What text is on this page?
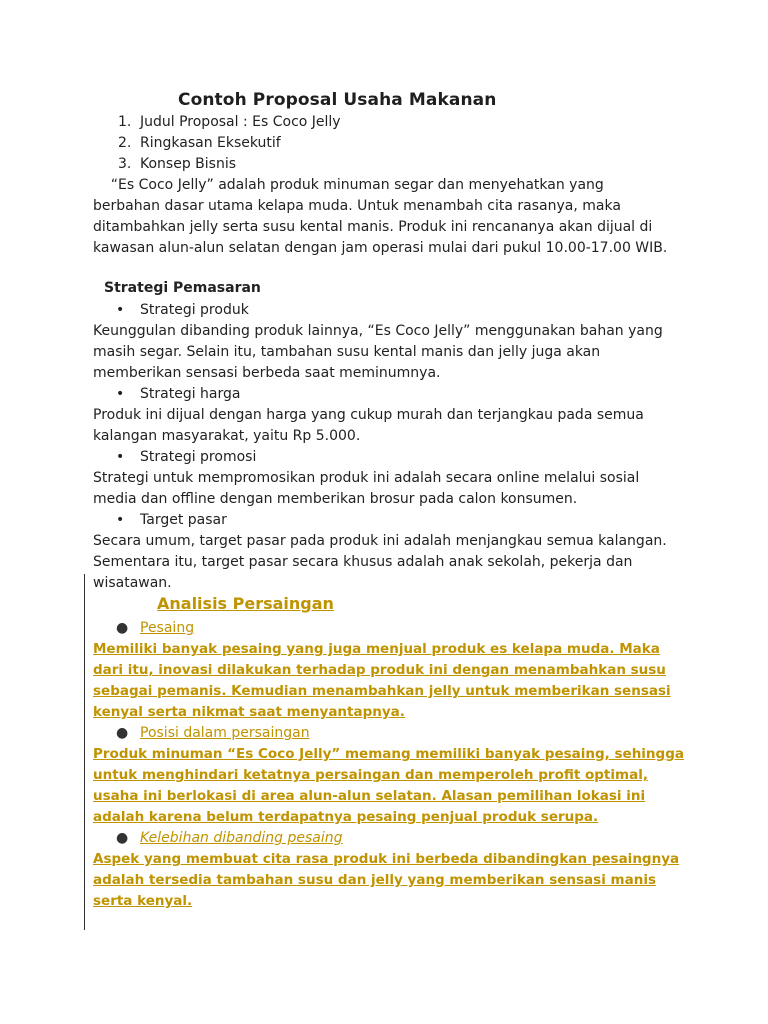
Contoh Proposal Usaha Makanan
1. Judul Proposal : Es Coco Jelly
2. Ringkasan Eksekutif
3. Konsep Bisnis
“Es Coco Jelly” adalah produk minuman segar dan menyehatkan yang berbahan dasar utama kelapa muda. Untuk menambah cita rasanya, maka ditambahkan jelly serta susu kental manis. Produk ini rencananya akan dijual di kawasan alun-alun selatan dengan jam operasi mulai dari pukul 10.00-17.00 WIB.
Strategi Pemasaran
• Strategi produk
Keunggulan dibanding produk lainnya, “Es Coco Jelly” menggunakan bahan yang masih segar. Selain itu, tambahan susu kental manis dan jelly juga akan memberikan sensasi berbeda saat meminumnya.
• Strategi harga
Produk ini dijual dengan harga yang cukup murah dan terjangkau pada semua kalangan masyarakat, yaitu Rp 5.000.
• Strategi promosi
Strategi untuk mempromosikan produk ini adalah secara online melalui sosial media dan offline dengan memberikan brosur pada calon konsumen.
• Target pasar
Secara umum, target pasar pada produk ini adalah menjangkau semua kalangan. Sementara itu, target pasar secara khusus adalah anak sekolah, pekerja dan wisatawan.
Analisis Persaingan
● Pesaing
Memiliki banyak pesaing yang juga menjual produk es kelapa muda. Maka
dari itu, inovasi dilakukan terhadap produk ini dengan menambahkan susu
sebagai pemanis. Kemudian menambahkan jelly untuk memberikan sensasi
kenyal serta nikmat saat menyantapnya.
● Posisi dalam persaingan
Produk minuman “Es Coco Jelly” memang memiliki banyak pesaing, sehingga
untuk menghindari ketatnya persaingan dan memperoleh profit optimal,
usaha ini berlokasi di area alun-alun selatan. Alasan pemilihan lokasi ini
adalah karena belum terdapatnya pesaing penjual produk serupa.
● Kelebihan dibanding pesaing
Aspek yang membuat cita rasa produk ini berbeda dibandingkan pesaingnya
adalah tersedia tambahan susu dan jelly yang memberikan sensasi manis
serta kenyal.
